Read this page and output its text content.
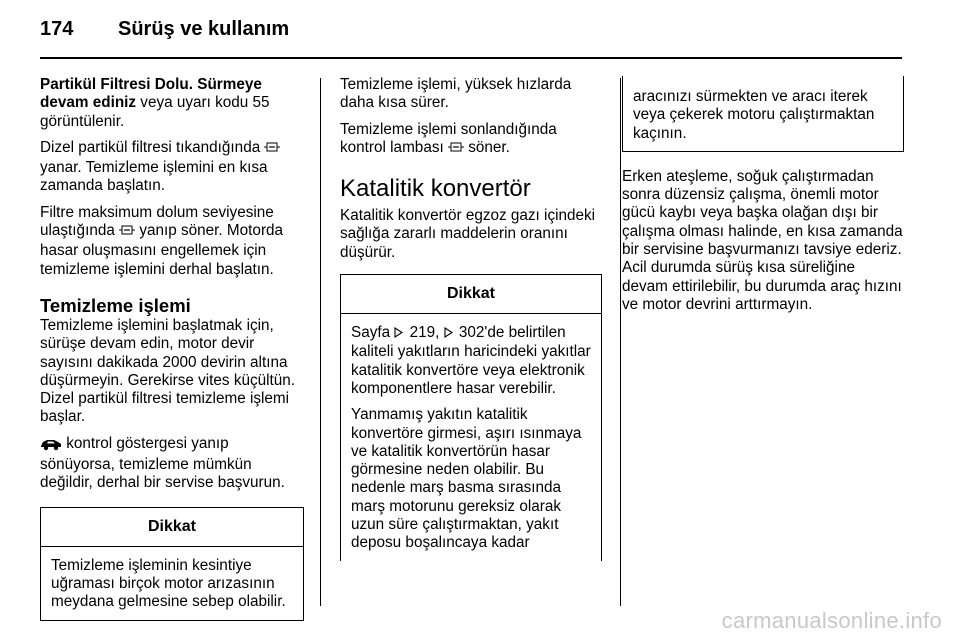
174 Sürüş ve kullanım

Partikül Filtresi Dolu. Sürmeye devam ediniz veya uyarı kodu 55 görüntülenir.

Dizel partikül filtresi tıkandığında  yanar. Temizleme işlemini en kısa zamanda başlatın.

Filtre maksimum dolum seviyesine ulaştığında  yanıp söner. Motorda hasar oluşmasını engellemek için temizleme işlemini derhal başlatın.

Temizleme işlemi

Temizleme işlemini başlatmak için, sürüşe devam edin, motor devir sayısını dakikada 2000 devirin altına düşürmeyin. Gerekirse vites küçültün. Dizel partikül filtresi temizleme işlemi başlar.

kontrol göstergesi yanıp sönüyorsa, temizleme mümkün değildir, derhal bir servise başvurun.

Dikkat

Temizleme işleminin kesintiye uğraması birçok motor arızasının meydana gelmesine sebep olabilir.

Temizleme işlemi, yüksek hızlarda daha kısa sürer.

Temizleme işlemi sonlandığında kontrol lambası  söner.

Katalitik konvertör

Katalitik konvertör egzoz gazı içindeki sağlığa zararlı maddelerin oranını düşürür.

Dikkat

Sayfa  219,  302'de belirtilen kaliteli yakıtların haricindeki yakıtlar katalitik konvertöre veya elektronik komponentlere hasar verebilir.

Yanmamış yakıtın katalitik konvertöre girmesi, aşırı ısınmaya ve katalitik konvertörün hasar görmesine neden olabilir. Bu nedenle marş basma sırasında marş motorunu gereksiz olarak uzun süre çalıştırmaktan, yakıt deposu boşalıncaya kadar

aracınızı sürmekten ve aracı iterek veya çekerek motoru çalıştırmaktan kaçının.

Erken ateşleme, soğuk çalıştırmadan sonra düzensiz çalışma, önemli motor gücü kaybı veya başka olağan dışı bir çalışma olması halinde, en kısa zamanda bir servisine başvurmanızı tavsiye ederiz. Acil durumda sürüş kısa süreliğine devam ettirilebilir, bu durumda araç hızını ve motor devrini arttırmayın.

carmanualsonline.info
